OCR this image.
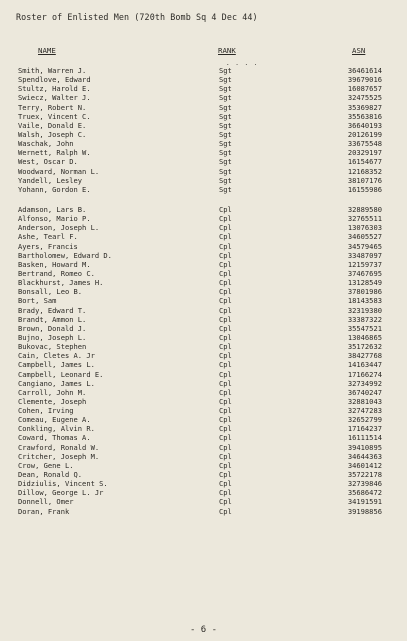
Roster of Enlisted Men (720th Bomb Sq 4 Dec 44)
NAME	RANK	ASN
. . . .
Smith, Warren J.	Sgt	36461614
Spendlove, Edward	Sgt	39679016
Stultz, Harold E.	Sgt	16087657
Swiecz, Walter J.	Sgt	32475525
Terry, Robert N.	Sgt	35369827
Truex, Vincent C.	Sgt	35563816
Vaile, Donald E.	Sgt	36640193
Walsh, Joseph C.	Sgt	20126199
Waschak, John	Sgt	33675548
Wernett, Ralph W.	Sgt	20329197
West, Oscar D.	Sgt	16154677
Woodward, Norman L.	Sgt	12168352
Yandell, Lesley	Sgt	38107176
Yohann, Gordon E.	Sgt	16155986
Adamson, Lars B.	Cpl	32889580
Alfonso, Mario P.	Cpl	32765511
Anderson, Joseph L.	Cpl	13076303
Ashe, Tearl F.	Cpl	34605527
Ayers, Francis	Cpl	34579465
Bartholomew, Edward D.	Cpl	33487097
Basken, Howard M.	Cpl	12159737
Bertrand, Romeo C.	Cpl	37467695
Blackhurst, James H.	Cpl	13128549
Bonsall, Leo B.	Cpl	37801986
Bort, Sam	Cpl	18143583
Brady, Edward T.	Cpl	32319380
Brandt, Ammon L.	Cpl	33387322
Brown, Donald J.	Cpl	35547521
Bujno, Joseph L.	Cpl	13046865
Bukovac, Stephen	Cpl	35172632
Cain, Cletes A. Jr	Cpl	38427768
Campbell, James L.	Cpl	14163447
Campbell, Leonard E.	Cpl	17166274
Cangiano, James L.	Cpl	32734992
Carroll, John M.	Cpl	36740247
Clemente, Joseph	Cpl	32881043
Cohen, Irving	Cpl	32747283
Comeau, Eugene A.	Cpl	32652799
Conkling, Alvin R.	Cpl	17164237
Coward, Thomas A.	Cpl	16111514
Crawford, Ronald W.	Cpl	39410895
Critcher, Joseph M.	Cpl	34644363
Crow, Gene L.	Cpl	34601412
Dean, Ronald Q.	Cpl	35722178
Didziulis, Vincent S.	Cpl	32739846
Dillow, George L. Jr	Cpl	35686472
Donnell, Omer	Cpl	34191591
Doran, Frank	Cpl	39198856
- 6 -
